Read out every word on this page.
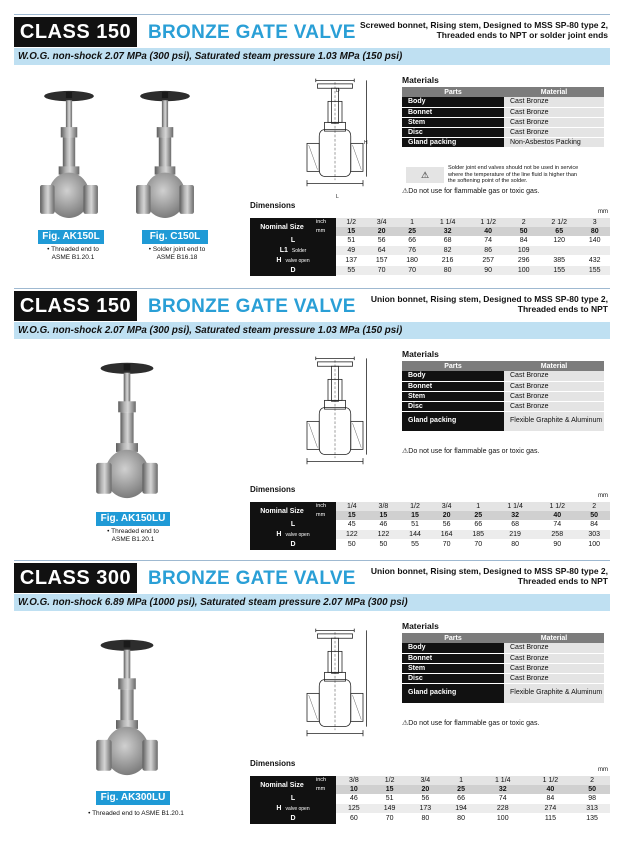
CLASS 150 BRONZE GATE VALVE Screwed bonnet, Rising stem, Designed to MSS SP-80 type 2,
Threaded ends to NPT or solder joint ends
W.O.G. non-shock 2.07 MPa (300 psi), Saturated steam pressure 1.03 MPa (150 psi)
Fig. AK150L	Fig. C150L
• Threaded end to
ASME B1.20.1
• Solder joint end to
ASME B16.18
Materials
Parts	Material
Body	Cast Bronze
Bonnet	Cast Bronze
Stem	Cast Bronze
Disc	Cast Bronze
Gland packing	Non-Asbestos Packing
⚠
Solder joint end valves should not be used in service
where the temperature of the line fluid is higher than
the softening point of the solder.
⚠ Do not use for flammable gas or toxic gas.
Dimensions
mm
Nominal Size	inch	1/2	3/4	1	1 1/4	1 1/2	2	2 1/2	3
	mm	15	20	25	32	40	50	65	80
L		51	56	66	68	74	84	120	140
L1 Solder		49	64	76	82	86	109		
H valve open		137	157	180	216	257	296	385	432
D		55	70	70	80	90	100	155	155
CLASS 150 BRONZE GATE VALVE	Union bonnet, Rising stem, Designed to MSS SP-80 type 2,
Threaded ends to NPT
W.O.G. non-shock 2.07 MPa (300 psi), Saturated steam pressure 1.03 MPa (150 psi)
Fig. AK150LU
• Threaded end to
ASME B1.20.1
Materials
Parts	Material
Body	Cast Bronze
Bonnet	Cast Bronze
Stem	Cast Bronze
Disc	Cast Bronze
Gland packing	Flexible Graphite & Aluminum
⚠ Do not use for flammable gas or toxic gas.
Dimensions
mm
Nominal Size	inch	1/4	3/8	1/2	3/4	1	1 1/4	1 1/2	2
	mm	15	15	15	20	25	32	40	50
L		45	46	51	56	66	68	74	84
H valve open		122	122	144	164	185	219	258	303
D		50	50	55	70	70	80	90	100
CLASS 300 BRONZE GATE VALVE	Union bonnet, Rising stem, Designed to MSS SP-80 type 2,
Threaded ends to NPT
W.O.G. non-shock 6.89 MPa (1000 psi), Saturated steam pressure 2.07 MPa (300 psi)
Fig. AK300LU
• Threaded end to ASME B1.20.1
Materials
Parts	Material
Body	Cast Bronze
Bonnet	Cast Bronze
Stem	Cast Bronze
Disc	Cast Bronze
Gland packing	Flexible Graphite & Aluminum
⚠ Do not use for flammable gas or toxic gas.
Dimensions
mm
Nominal Size	inch	3/8	1/2	3/4	1	1 1/4	1 1/2	2
	mm	10	15	20	25	32	40	50
L		46	51	56	66	74	84	98
H valve open		125	149	173	194	228	274	313
D		60	70	80	80	100	115	135
D
H
L
